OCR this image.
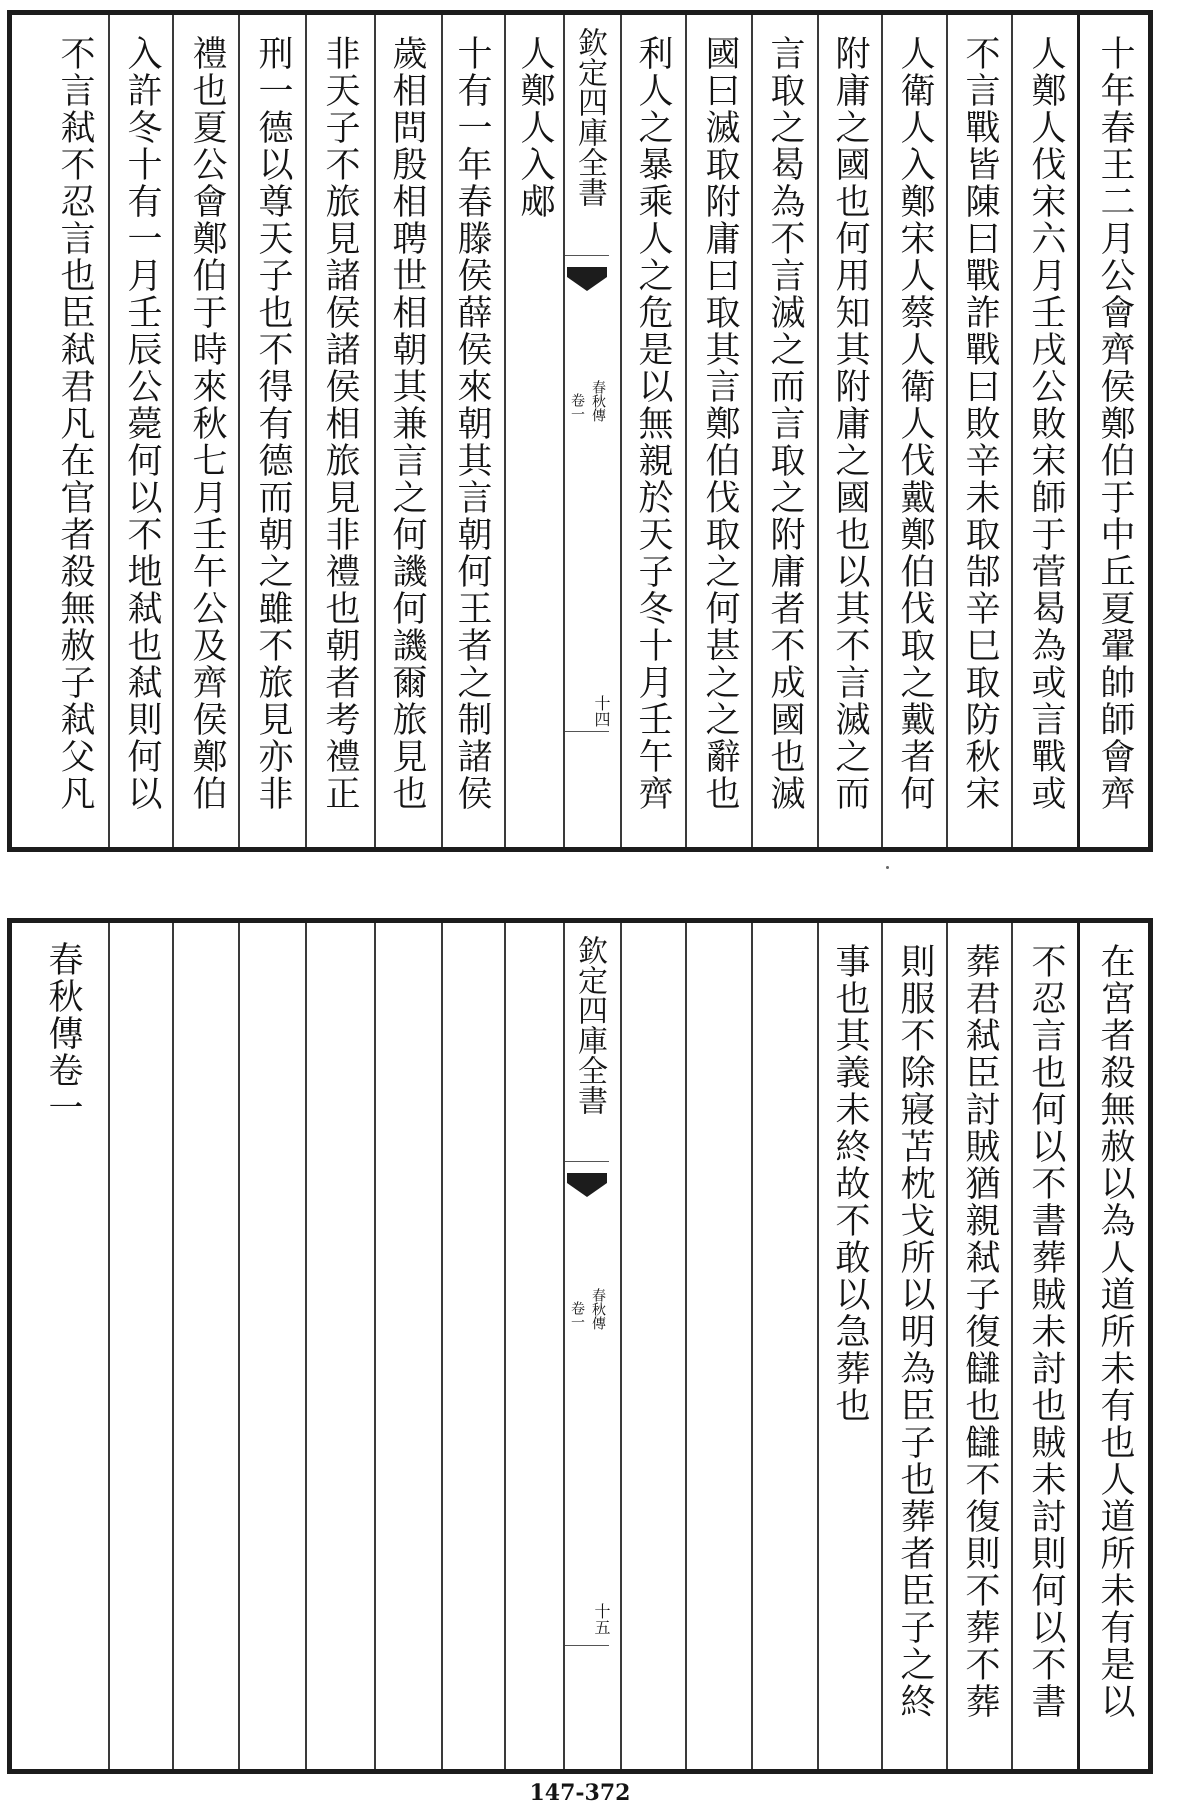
十年春王二月公會齊侯鄭伯于中丘夏翬帥師會齊
人鄭人伐宋六月壬戌公敗宋師于菅曷為或言戰或
不言戰皆陳曰戰詐戰曰敗辛未取郜辛巳取防秋宋
人衛人入鄭宋人蔡人衛人伐戴鄭伯伐取之戴者何
附庸之國也何用知其附庸之國也以其不言滅之而
言取之曷為不言滅之而言取之附庸者不成國也滅
國曰滅取附庸曰取其言鄭伯伐取之何甚之之辭也
利人之暴乘人之危是以無親於天子冬十月壬午齊
人鄭人入郕
十有一年春滕侯薛侯來朝其言朝何王者之制諸侯
歲相問殷相聘世相朝其兼言之何譏何譏爾旅見也
非天子不旅見諸侯諸侯相旅見非禮也朝者考禮正
刑一德以尊天子也不得有德而朝之雖不旅見亦非
禮也夏公會鄭伯于時來秋七月壬午公及齊侯鄭伯
入許冬十有一月壬辰公薨何以不地弒也弒則何以
不言弒不忍言也臣弒君凡在官者殺無赦子弒父凡	欽定四庫全書
春秋傳
卷一
十四
在宮者殺無赦以為人道所未有也人道所未有是以
不忍言也何以不書葬賊未討也賊未討則何以不書
葬君弒臣討賊猶親弒子復讎也讎不復則不葬不葬
則服不除寢苫枕戈所以明為臣子也葬者臣子之終
事也其義未終故不敢以急葬也
春秋傳卷一	欽定四庫全書
春秋傳
卷一
十五
147-372
